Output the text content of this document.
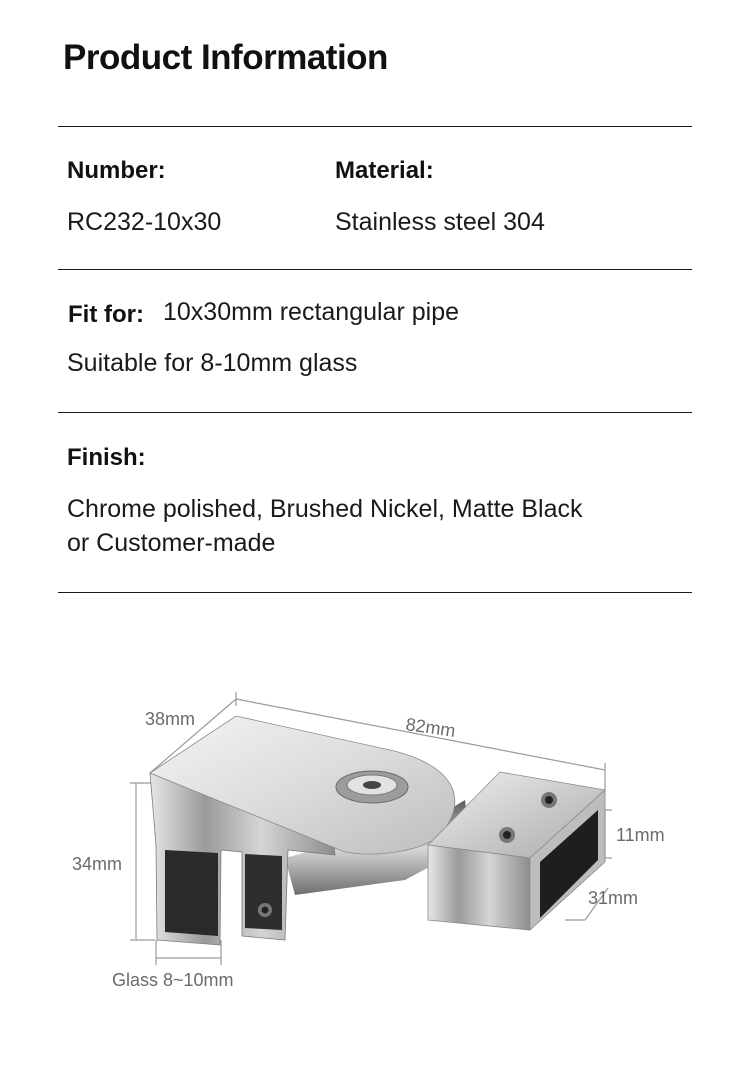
Product Information
Number:	Material:
RC232-10x30	Stainless steel 304
Fit for: 10x30mm rectangular pipe
Suitable for 8-10mm glass
Finish:
Chrome polished, Brushed Nickel, Matte Black
or Customer-made
38mm	82mm
34mm
11mm
31mm
Glass 8~10mm
